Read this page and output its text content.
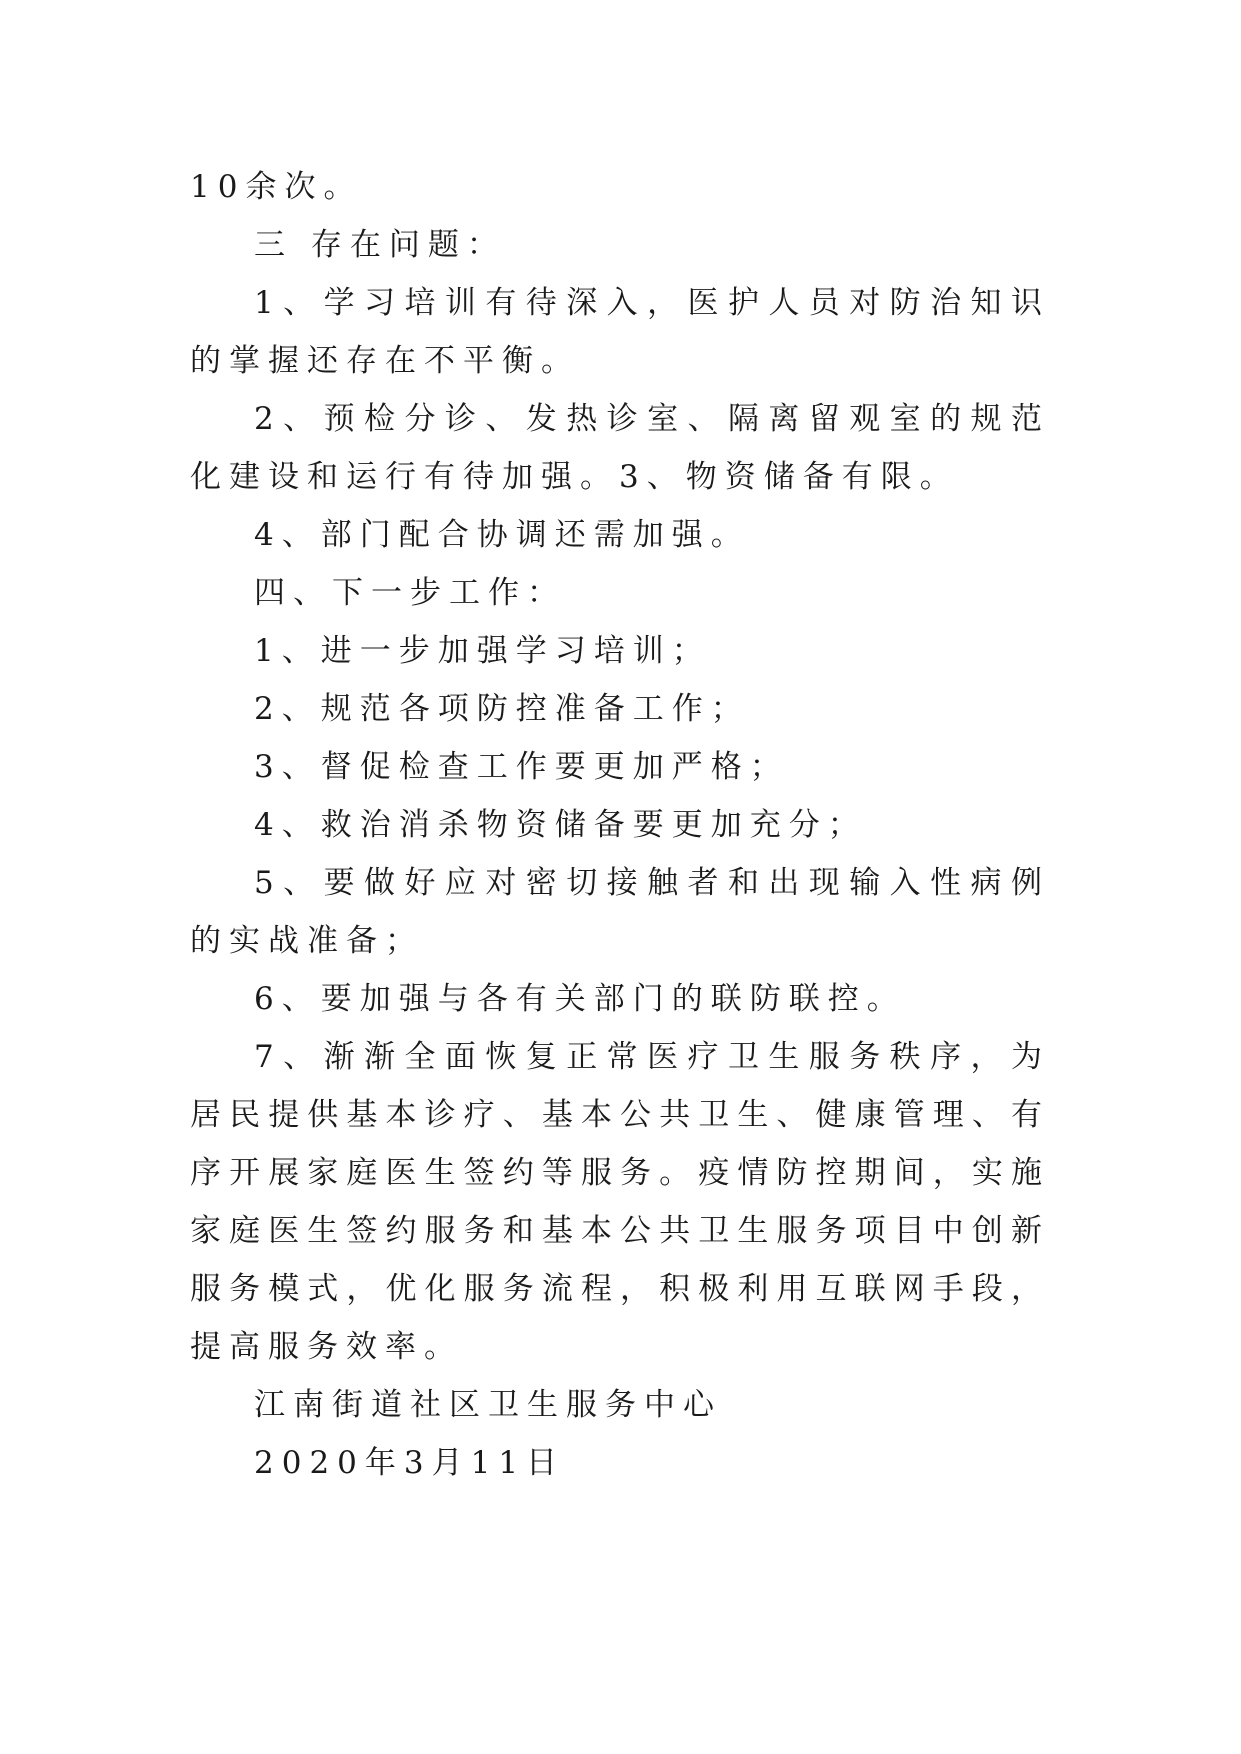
10余次。

三 存在问题：

1、学习培训有待深入，医护人员对防治知识的掌握还存在不平衡。

2、预检分诊、发热诊室、隔离留观室的规范化建设和运行有待加强。3、物资储备有限。

4、部门配合协调还需加强。

四、下一步工作：

1、进一步加强学习培训；

2、规范各项防控准备工作；

3、督促检查工作要更加严格；

4、救治消杀物资储备要更加充分；

5、要做好应对密切接触者和出现输入性病例的实战准备；

6、要加强与各有关部门的联防联控。

7、渐渐全面恢复正常医疗卫生服务秩序，为居民提供基本诊疗、基本公共卫生、健康管理、有序开展家庭医生签约等服务。疫情防控期间，实施家庭医生签约服务和基本公共卫生服务项目中创新服务模式，优化服务流程，积极利用互联网手段，提高服务效率。

江南街道社区卫生服务中心

2020年3月11日
